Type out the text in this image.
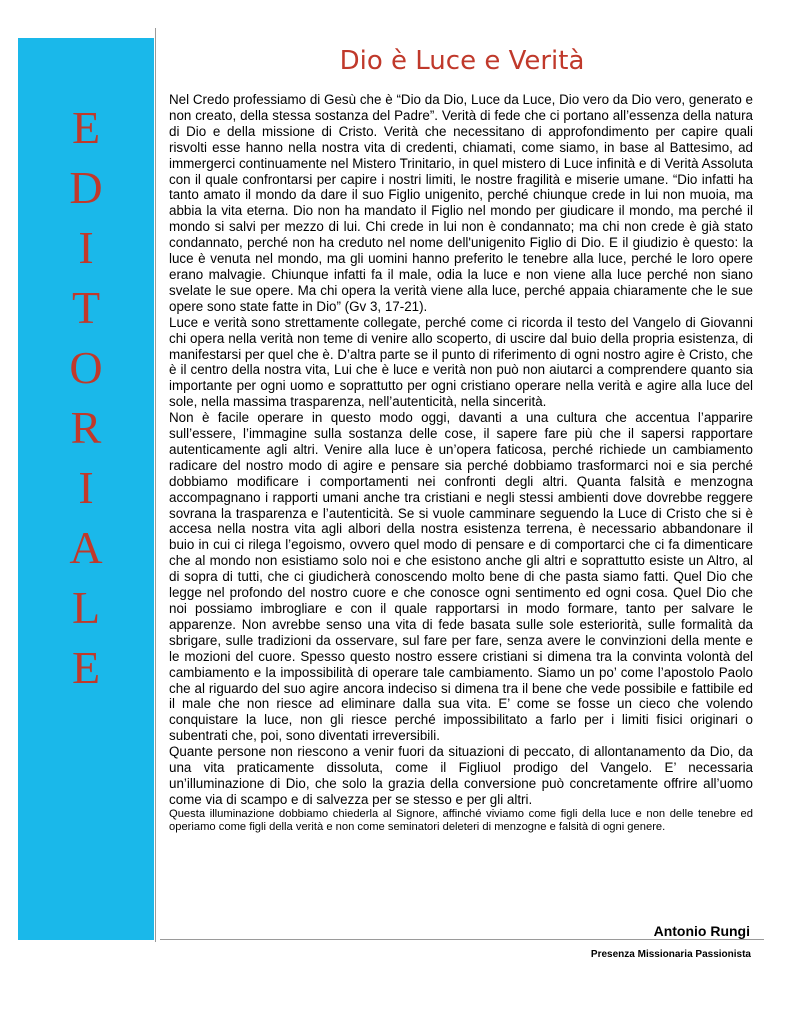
E
D
I
T
O
R
I
A
L
E
Dio è Luce e Verità

Nel Credo professiamo di Gesù che è “Dio da Dio, Luce da Luce, Dio vero da Dio vero, generato e non creato, della stessa sostanza del Padre”. Verità di fede che ci portano all’essenza della natura di Dio e della missione di Cristo. Verità che necessitano di approfondimento per capire quali risvolti esse hanno nella nostra vita di credenti, chiamati, come siamo, in base al Battesimo, ad immergerci continuamente nel Mistero Trinitario, in quel mistero di Luce infinità e di Verità Assoluta con il quale confrontarsi per capire i nostri limiti, le nostre fragilità e miserie umane. “Dio infatti ha tanto amato il mondo da dare il suo Figlio unigenito, perché chiunque crede in lui non muoia, ma abbia la vita eterna. Dio non ha mandato il Figlio nel mondo per giudicare il mondo, ma perché il mondo si salvi per mezzo di lui. Chi crede in lui non è condannato; ma chi non crede è già stato condannato, perché non ha creduto nel nome dell'unigenito Figlio di Dio. E il giudizio è questo: la luce è venuta nel mondo, ma gli uomini hanno preferito le tenebre alla luce, perché le loro opere erano malvagie. Chiunque infatti fa il male, odia la luce e non viene alla luce perché non siano svelate le sue opere. Ma chi opera la verità viene alla luce, perché appaia chiaramente che le sue opere sono state fatte in Dio” (Gv 3, 17-21).

Luce e verità sono strettamente collegate, perché come ci ricorda il testo del Vangelo di Giovanni chi opera nella verità non teme di venire allo scoperto, di uscire dal buio della propria esistenza, di manifestarsi per quel che è. D’altra parte se il punto di riferimento di ogni nostro agire è Cristo, che è il centro della nostra vita, Lui che è luce e verità non può non aiutarci a comprendere quanto sia importante per ogni uomo e soprattutto per ogni cristiano operare nella verità e agire alla luce del sole, nella massima trasparenza, nell’autenticità, nella sincerità.

Non è facile operare in questo modo oggi, davanti a una cultura che accentua l’apparire sull’essere, l’immagine sulla sostanza delle cose, il sapere fare più che il sapersi rapportare autenticamente agli altri. Venire alla luce è un’opera faticosa, perché richiede un cambiamento radicare del nostro modo di agire e pensare sia perché dobbiamo trasformarci noi e sia perché dobbiamo modificare i comportamenti nei confronti degli altri. Quanta falsità e menzogna accompagnano i rapporti umani anche tra cristiani e negli stessi ambienti dove dovrebbe reggere sovrana la trasparenza e l’autenticità. Se si vuole camminare seguendo la Luce di Cristo che si è accesa nella nostra vita agli albori della nostra esistenza terrena, è necessario abbandonare il buio in cui ci rilega l’egoismo, ovvero quel modo di pensare e di comportarci che ci fa dimenticare che al mondo non esistiamo solo noi e che esistono anche gli altri e soprattutto esiste un Altro, al di sopra di tutti, che ci giudicherà conoscendo molto bene di che pasta siamo fatti. Quel Dio che legge nel profondo del nostro cuore e che conosce ogni sentimento ed ogni cosa. Quel Dio che noi possiamo imbrogliare e con il quale rapportarsi in modo formare, tanto per salvare le apparenze. Non avrebbe senso una vita di fede basata sulle sole esteriorità, sulle formalità da sbrigare, sulle tradizioni da osservare, sul fare per fare, senza avere le convinzioni della mente e le mozioni del cuore. Spesso questo nostro essere cristiani si dimena tra la convinta volontà del cambiamento e la impossibilità di operare tale cambiamento. Siamo un po’ come l’apostolo Paolo che al riguardo del suo agire ancora indeciso si dimena tra il bene che vede possibile e fattibile ed il male che non riesce ad eliminare dalla sua vita. E’ come se fosse un cieco che volendo conquistare la luce, non gli riesce perché impossibilitato a farlo per i limiti fisici originari o subentrati che, poi, sono diventati irreversibili.

Quante persone non riescono a venir fuori da situazioni di peccato, di allontanamento da Dio, da una vita praticamente dissoluta, come il Figliuol prodigo del Vangelo. E’ necessaria un’illuminazione di Dio, che solo la grazia della conversione può concretamente offrire all’uomo come via di scampo e di salvezza per se stesso e per gli altri.

Questa illuminazione dobbiamo chiederla al Signore, affinché viviamo come figli della luce e non delle tenebre ed operiamo come figli della verità e non come seminatori deleteri di menzogne e falsità di ogni genere.

Antonio Rungi
Presenza Missionaria Passionista
